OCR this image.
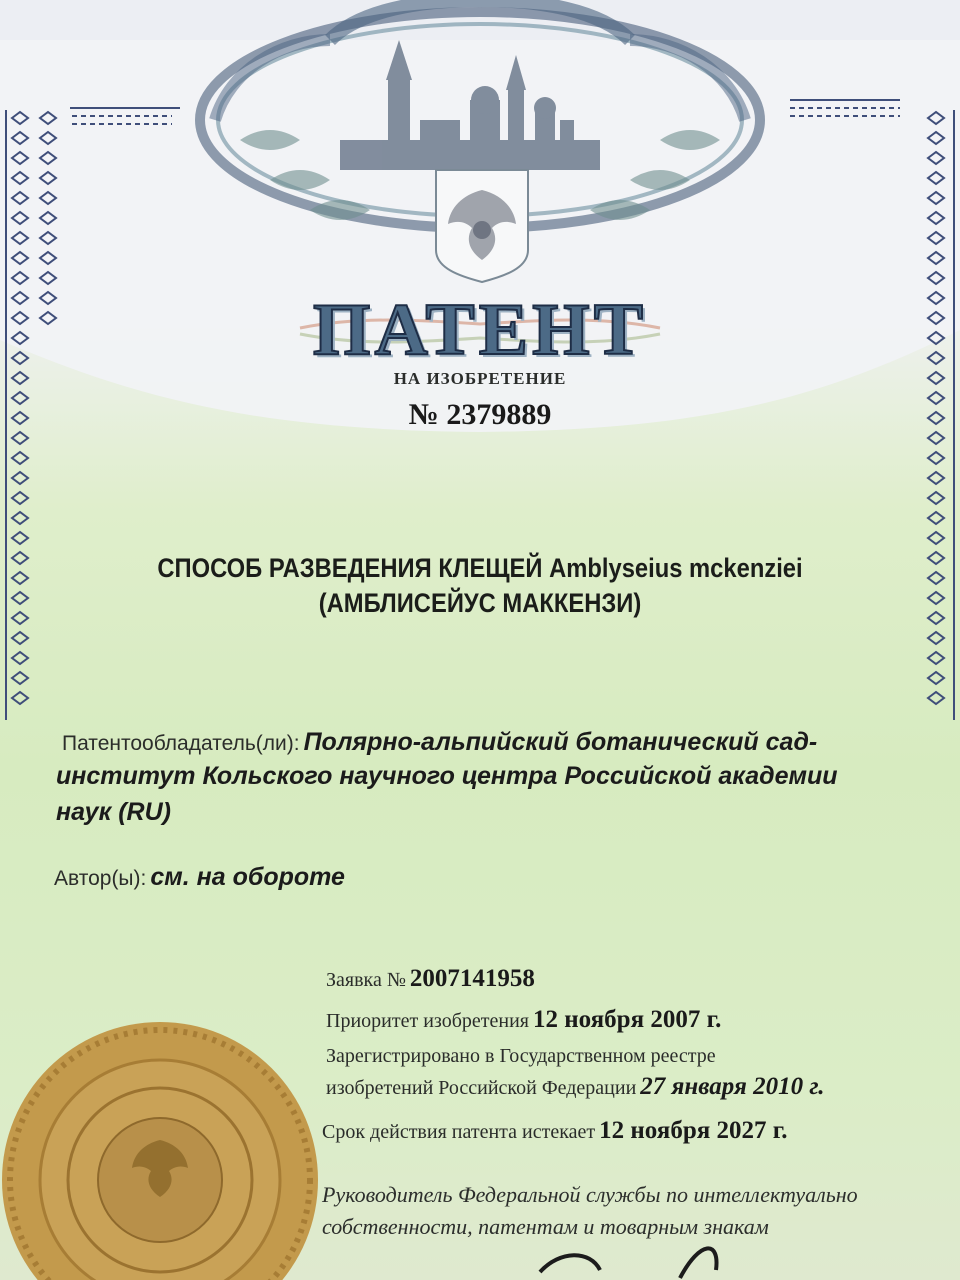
ПАТЕНТ
НА ИЗОБРЕТЕНИЕ
№ 2379889
СПОСОБ РАЗВЕДЕНИЯ КЛЕЩЕЙ Amblyseius mckenziei
(АМБЛИСЕЙУС МАККЕНЗИ)
Патентообладатель(ли): Полярно-альпийский ботанический сад-
институт Кольского научного центра Российской академии
наук (RU)
Автор(ы): см. на обороте
Заявка № 2007141958
Приоритет изобретения 12 ноября 2007 г.
Зарегистрировано в Государственном реестре
изобретений Российской Федерации 27 января 2010 г.
Срок действия патента истекает 12 ноября 2027 г.
Руководитель Федеральной службы по интеллектуально
собственности, патентам и товарным знакам
